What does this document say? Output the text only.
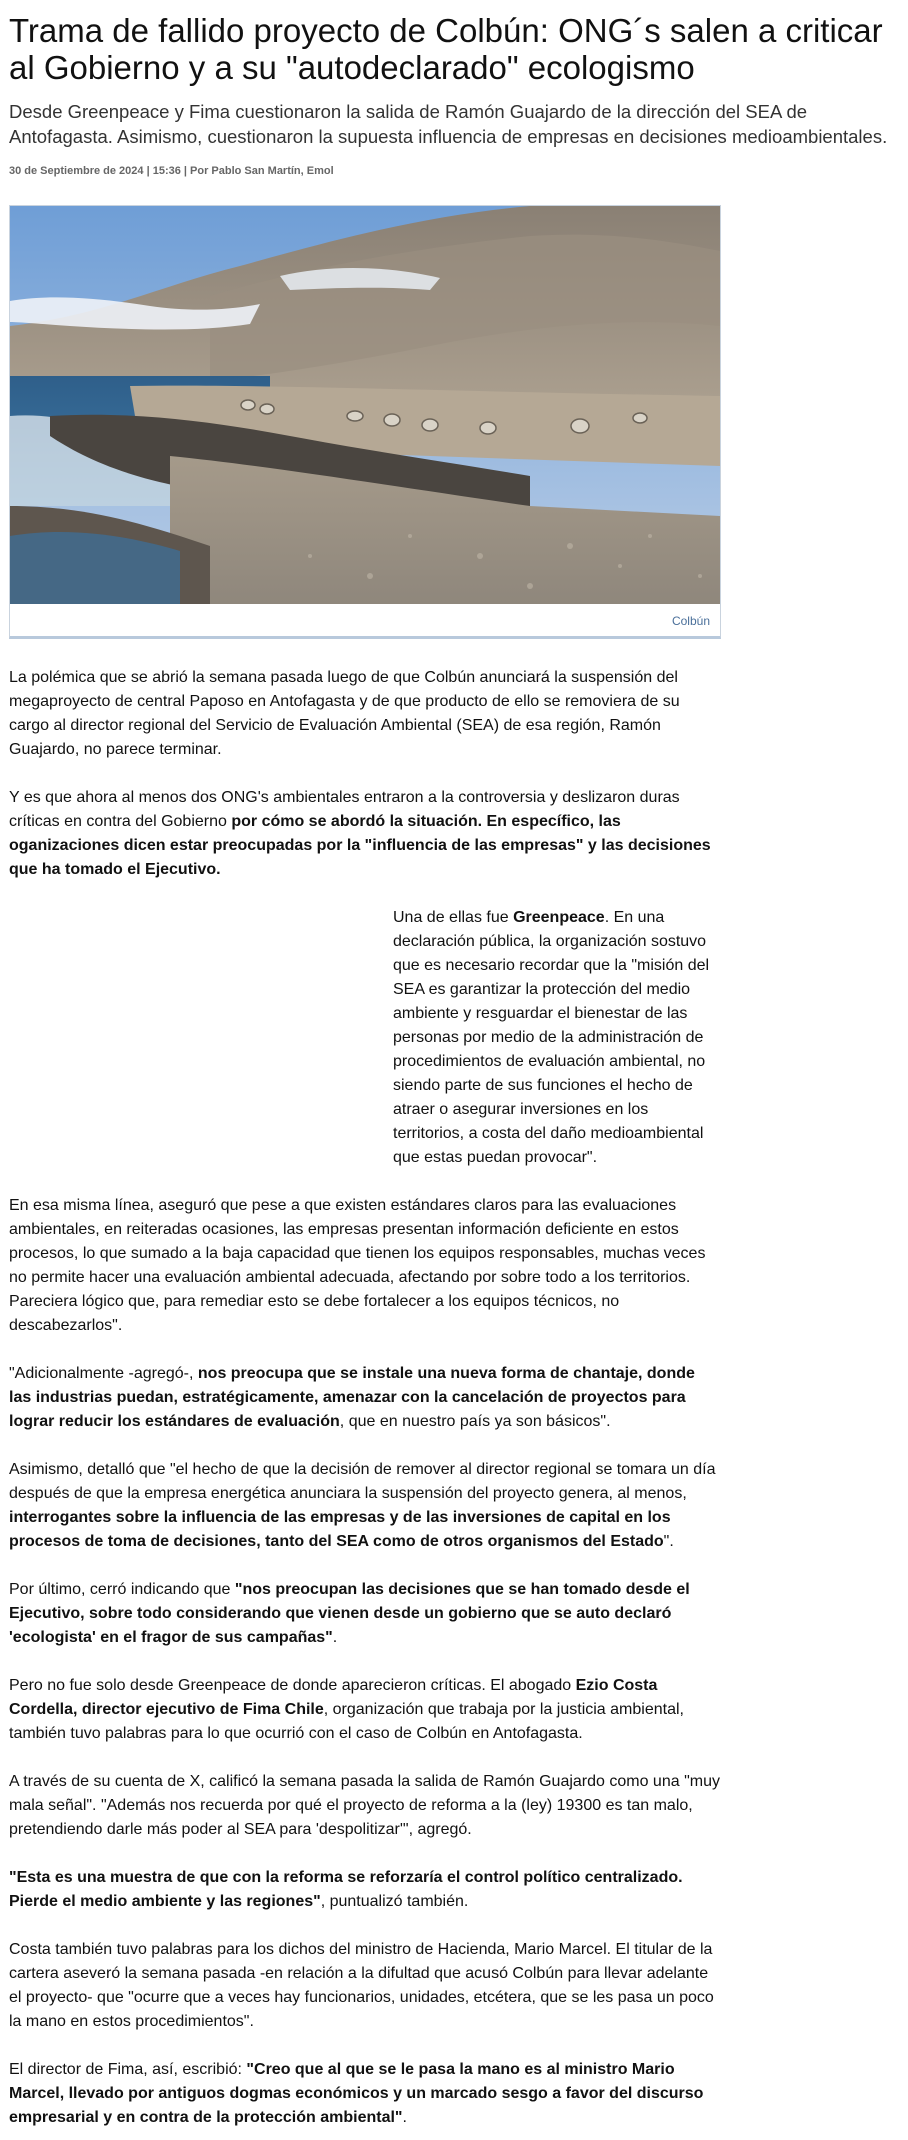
Trama de fallido proyecto de Colbún: ONG´s salen a criticar al Gobierno y a su "autodeclarado" ecologismo

Desde Greenpeace y Fima cuestionaron la salida de Ramón Guajardo de la dirección del SEA de Antofagasta. Asimismo, cuestionaron la supuesta influencia de empresas en decisiones medioambientales.

30 de Septiembre de 2024 | 15:36 | Por Pablo San Martín, Emol
Colbún

La polémica que se abrió la semana pasada luego de que Colbún anunciará la suspensión del megaproyecto de central Paposo en Antofagasta y de que producto de ello se removiera de su cargo al director regional del Servicio de Evaluación Ambiental (SEA) de esa región, Ramón Guajardo, no parece terminar.

Y es que ahora al menos dos ONG's ambientales entraron a la controversia y deslizaron duras críticas en contra del Gobierno por cómo se abordó la situación. En específico, las oganizaciones dicen estar preocupadas por la "influencia de las empresas" y las decisiones que ha tomado el Ejecutivo.

Una de ellas fue Greenpeace. En una declaración pública, la organización sostuvo que es necesario recordar que la "misión del SEA es garantizar la protección del medio ambiente y resguardar el bienestar de las personas por medio de la administración de procedimientos de evaluación ambiental, no siendo parte de sus funciones el hecho de atraer o asegurar inversiones en los territorios, a costa del daño medioambiental que estas puedan provocar".

En esa misma línea, aseguró que pese a que existen estándares claros para las evaluaciones ambientales, en reiteradas ocasiones, las empresas presentan información deficiente en estos procesos, lo que sumado a la baja capacidad que tienen los equipos responsables, muchas veces no permite hacer una evaluación ambiental adecuada, afectando por sobre todo a los territorios. Pareciera lógico que, para remediar esto se debe fortalecer a los equipos técnicos, no descabezarlos".

"Adicionalmente -agregó-, nos preocupa que se instale una nueva forma de chantaje, donde las industrias puedan, estratégicamente, amenazar con la cancelación de proyectos para lograr reducir los estándares de evaluación, que en nuestro país ya son básicos".

Asimismo, detalló que "el hecho de que la decisión de remover al director regional se tomara un día después de que la empresa energética anunciara la suspensión del proyecto genera, al menos, interrogantes sobre la influencia de las empresas y de las inversiones de capital en los procesos de toma de decisiones, tanto del SEA como de otros organismos del Estado".

Por último, cerró indicando que "nos preocupan las decisiones que se han tomado desde el Ejecutivo, sobre todo considerando que vienen desde un gobierno que se auto declaró 'ecologista' en el fragor de sus campañas".

Pero no fue solo desde Greenpeace de donde aparecieron críticas. El abogado Ezio Costa Cordella, director ejecutivo de Fima Chile, organización que trabaja por la justicia ambiental, también tuvo palabras para lo que ocurrió con el caso de Colbún en Antofagasta.

A través de su cuenta de X, calificó la semana pasada la salida de Ramón Guajardo como una "muy mala señal". "Además nos recuerda por qué el proyecto de reforma a la (ley) 19300 es tan malo, pretendiendo darle más poder al SEA para 'despolitizar'", agregó.

"Esta es una muestra de que con la reforma se reforzaría el control político centralizado. Pierde el medio ambiente y las regiones", puntualizó también.

Costa también tuvo palabras para los dichos del ministro de Hacienda, Mario Marcel. El titular de la cartera aseveró la semana pasada -en relación a la difultad que acusó Colbún para llevar adelante el proyecto- que "ocurre que a veces hay funcionarios, unidades, etcétera, que se les pasa un poco la mano en estos procedimientos".

El director de Fima, así, escribió: "Creo que al que se le pasa la mano es al ministro Mario Marcel, llevado por antiguos dogmas económicos y un marcado sesgo a favor del discurso empresarial y en contra de la protección ambiental".
